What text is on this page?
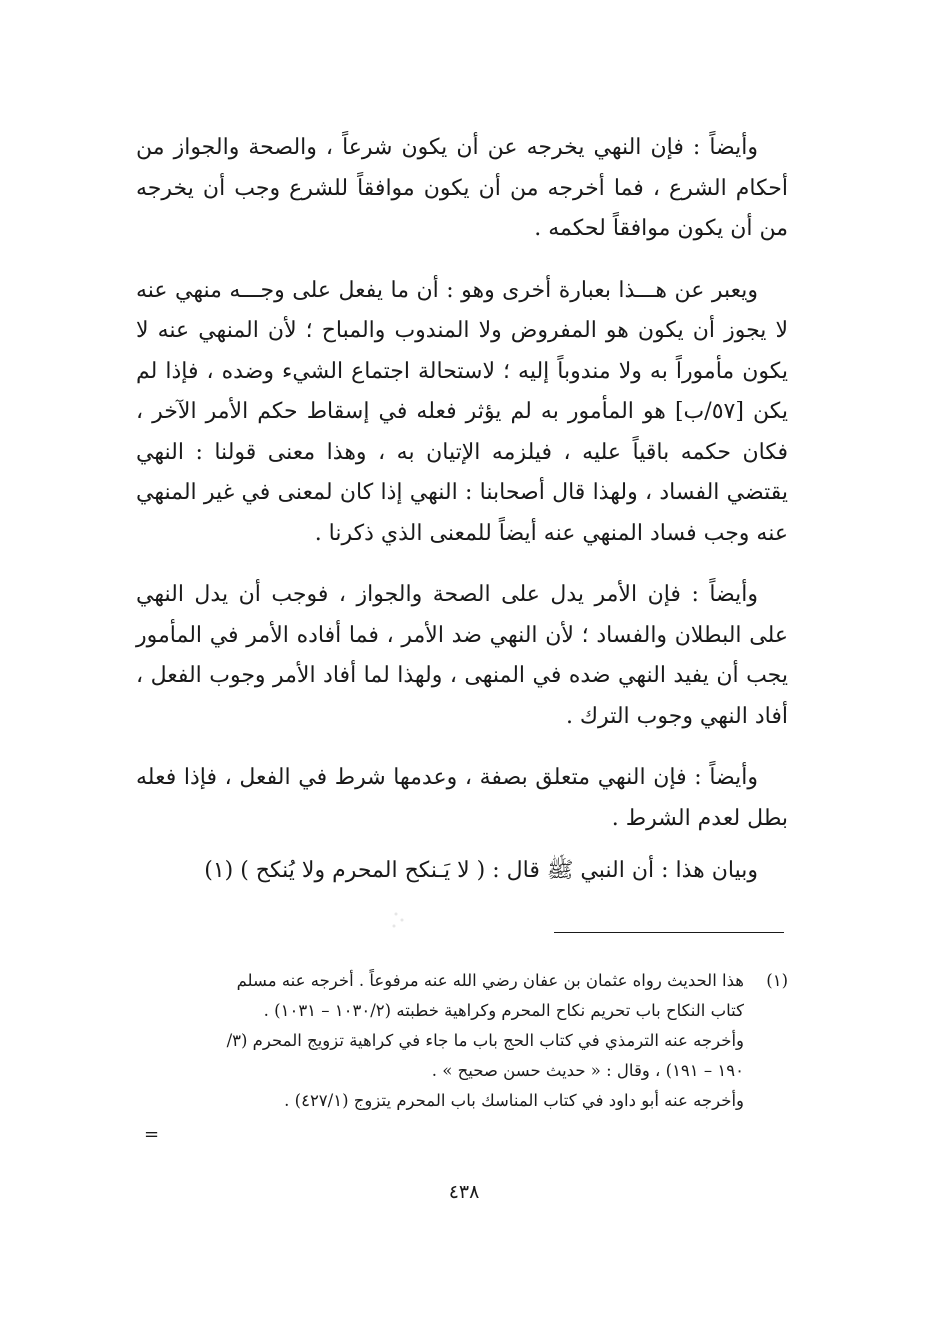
وأيضاً : فإن النهي يخرجه عن أن يكون شرعاً ، والصحة والجواز من أحكام الشرع ، فما أخرجه من أن يكون موافقاً للشرع وجب أن يخرجه من أن يكون موافقاً لحكمه .

ويعبر عن هـــذا بعبارة أخرى وهو : أن ما يفعل على وجـــه منهي عنه لا يجوز أن يكون هو المفروض ولا المندوب والمباح ؛ لأن المنهي عنه لا يكون مأموراً به ولا مندوباً إليه ؛ لاستحالة اجتماع الشيء وضده ، فإذا لم يكن [٥٧/ب] هو المأمور به لم يؤثر فعله في إسقاط حكم الأمر الآخر ، فكان حكمه باقياً عليه ، فيلزمه الإتيان به ، وهذا معنى قولنا : النهي يقتضي الفساد ، ولهذا قال أصحابنا : النهي إذا كان لمعنى في غير المنهي عنه وجب فساد المنهي عنه أيضاً للمعنى الذي ذكرنا .

وأيضاً : فإن الأمر يدل على الصحة والجواز ، فوجب أن يدل النهي على البطلان والفساد ؛ لأن النهي ضد الأمر ، فما أفاده الأمر في المأمور يجب أن يفيد النهي ضده في المنهى ، ولهذا لما أفاد الأمر وجوب الفعل ، أفاد النهي وجوب الترك .

وأيضاً : فإن النهي متعلق بصفة ، وعدمها شرط في الفعل ، فإذا فعله بطل لعدم الشرط .

وبيان هذا : أن النبي ﷺ قال : ( لا يَـنكح المحرم ولا يُنكح ) (١)

(١)
هذا الحديث رواه عثمان بن عفان رضي الله عنه مرفوعاً . أخرجه عنه مسلم
كتاب النكاح باب تحريم نكاح المحرم وكراهية خطبته (١٠٣٠/٢ – ١٠٣١) .
وأخرجه عنه الترمذي في كتاب الحج باب ما جاء في كراهية تزويج المحرم (٣/
١٩٠ – ١٩١) ، وقال : « حديث حسن صحيح » .
وأخرجه عنه أبو داود في كتاب المناسك باب المحرم يتزوج (٤٢٧/١) .
=
٤٣٨
